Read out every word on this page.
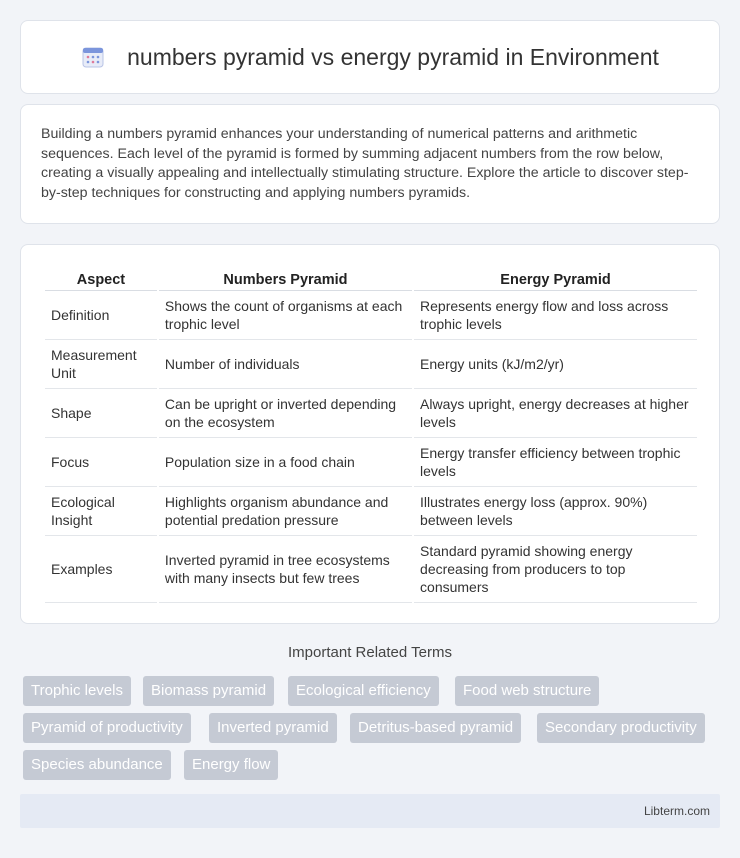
numbers pyramid vs energy pyramid in Environment

Building a numbers pyramid enhances your understanding of numerical patterns and arithmetic sequences. Each level of the pyramid is formed by summing adjacent numbers from the row below, creating a visually appealing and intellectually stimulating structure. Explore the article to discover step-by-step techniques for constructing and applying numbers pyramids.

Aspect	Numbers Pyramid	Energy Pyramid
Definition	Shows the count of organisms at each trophic level	Represents energy flow and loss across trophic levels
Measurement Unit	Number of individuals	Energy units (kJ/m2/yr)
Shape	Can be upright or inverted depending on the ecosystem	Always upright, energy decreases at higher levels
Focus	Population size in a food chain	Energy transfer efficiency between trophic levels
Ecological Insight	Highlights organism abundance and potential predation pressure	Illustrates energy loss (approx. 90%) between levels
Examples	Inverted pyramid in tree ecosystems with many insects but few trees	Standard pyramid showing energy decreasing from producers to top consumers
Important Related Terms
Trophic levels	Biomass pyramid	Ecological efficiency	Food web structure
Pyramid of productivity	Inverted pyramid	Detritus-based pyramid	Secondary productivity
Species abundance	Energy flow
Libterm.com
